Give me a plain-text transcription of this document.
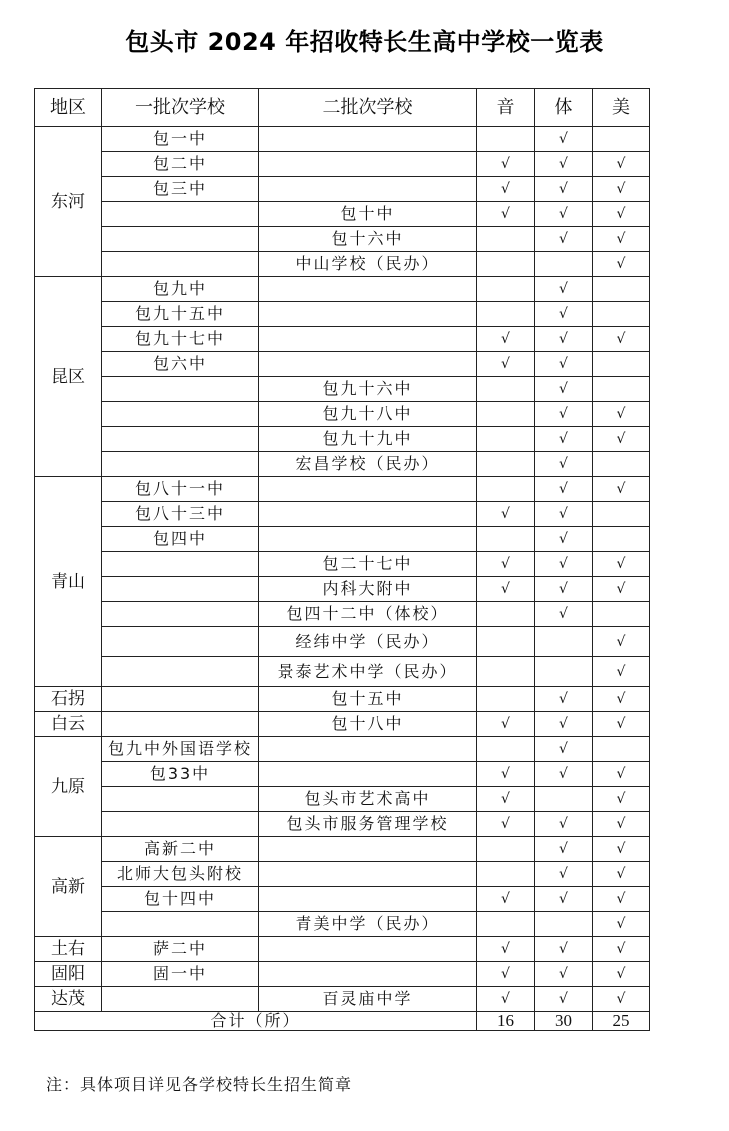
包头市 2024 年招收特长生高中学校一览表
地区	一批次学校	二批次学校	音	体	美
东河	包一中			√	
	包二中		√	√	√
	包三中		√	√	√
		包十中	√	√	√
		包十六中		√	√
		中山学校（民办）			√
昆区	包九中			√	
	包九十五中			√	
	包九十七中		√	√	√
	包六中		√	√	
		包九十六中		√	
		包九十八中		√	√
		包九十九中		√	√
		宏昌学校（民办）		√	
青山	包八十一中			√	√
	包八十三中		√	√	
	包四中			√	
		包二十七中	√	√	√
		内科大附中	√	√	√
		包四十二中（体校）		√	
		经纬中学（民办）			√
		景泰艺术中学（民办）			√
石拐		包十五中		√	√
白云		包十八中	√	√	√
九原	包九中外国语学校			√	
	包33中		√	√	√
		包头市艺术高中	√		√
		包头市服务管理学校	√	√	√
高新	高新二中			√	√
	北师大包头附校			√	√
	包十四中		√	√	√
		青美中学（民办）			√
土右	萨二中		√	√	√
固阳	固一中		√	√	√
达茂		百灵庙中学	√	√	√
合计（所）			16	30	25
注：具体项目详见各学校特长生招生简章
